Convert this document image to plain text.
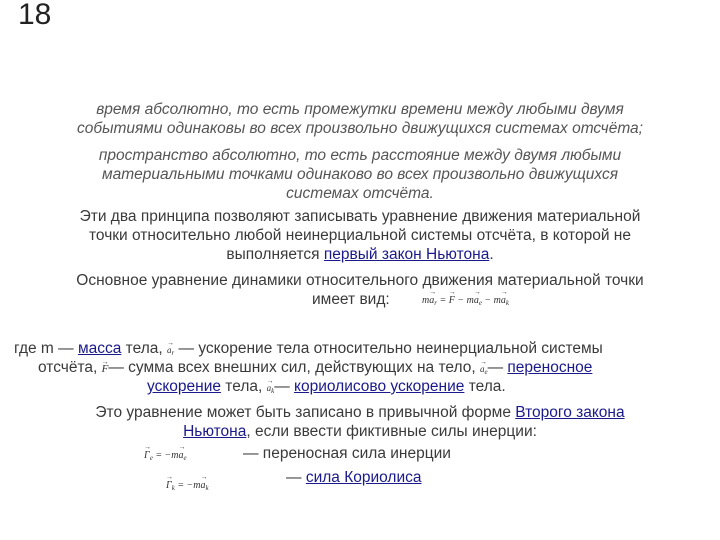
18
время абсолютно, то есть промежутки времени между любыми двумя
событиями одинаковы во всех произвольно движущихся системах отсчёта;
пространство абсолютно, то есть расстояние между двумя любыми
материальными точками одинаково во всех произвольно движущихся
системах отсчёта.
Эти два принципа позволяют записывать уравнение движения материальной
точки относительно любой неинерциальной системы отсчёта, в которой не
выполняется первый закон Ньютона.
Основное уравнение динамики относительного движения материальной точки
имеет вид:	$m\to a_r$ = → $F - m\to a_e - m\to a_k$
где m — масса тела, → $a_r$ — ускорение тела относительно неинерциальной системы
отсчёта, → F— сумма всех внешних сил, действующих на тело, → $a_e—$ переносное
ускорение тела, → $a_k—$ кориолисово ускорение тела.
Это уравнение может быть записано в привычной форме Второго закона
Ньютона, если ввести фиктивные силы инерции:
→ $\Gamma_e = -m\to a_e$	— переносная сила инерции
→ $\Gamma_k = -m\to a_k$
— сила Кориолиса
